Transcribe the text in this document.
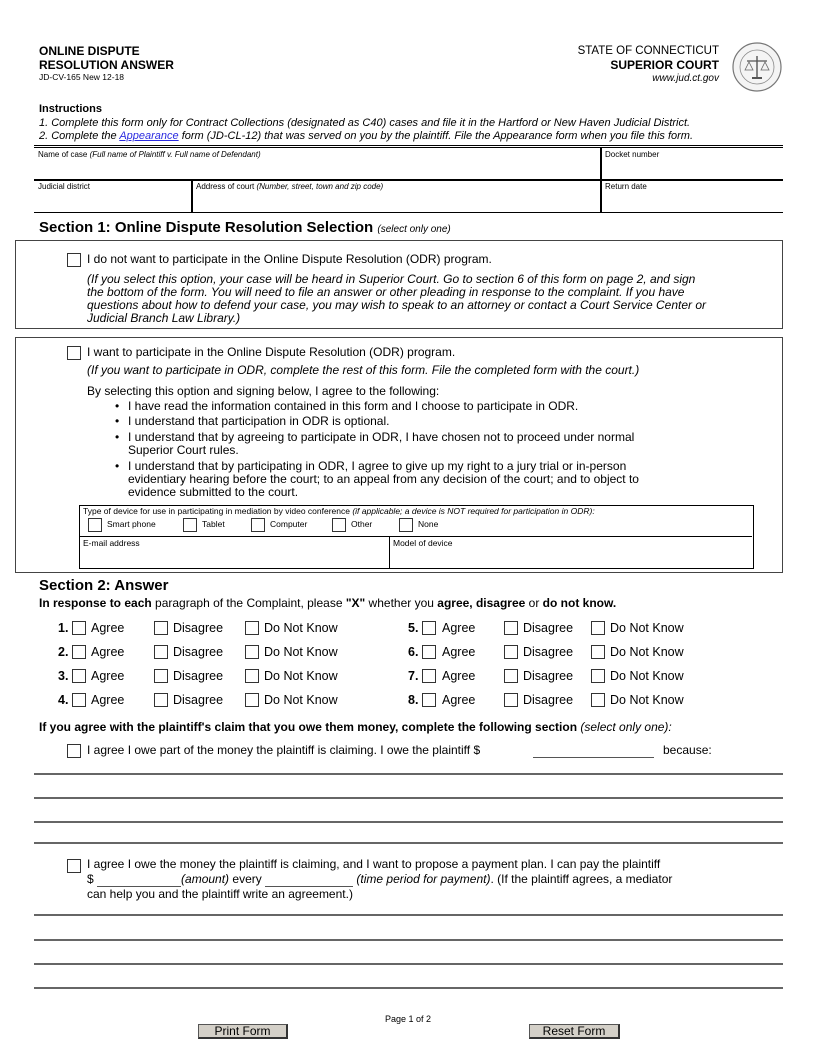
ONLINE DISPUTE
RESOLUTION ANSWER
JD-CV-165 New 12-18
STATE OF CONNECTICUT
SUPERIOR COURT
www.jud.ct.gov
Instructions
1. Complete this form only for Contract Collections (designated as C40) cases and file it in the Hartford or New Haven Judicial District.
2. Complete the Appearance form (JD-CL-12) that was served on you by the plaintiff. File the Appearance form when you file this form.
Name of case (Full name of Plaintiff v. Full name of Defendant)	Docket number
Judicial district	Address of court (Number, street, town and zip code)	Return date
Section 1: Online Dispute Resolution Selection (select only one)
I do not want to participate in the Online Dispute Resolution (ODR) program.
(If you select this option, your case will be heard in Superior Court. Go to section 6 of this form on page 2, and sign
the bottom of the form. You will need to file an answer or other pleading in response to the complaint. If you have
questions about how to defend your case, you may wish to speak to an attorney or contact a Court Service Center or
Judicial Branch Law Library.)
I want to participate in the Online Dispute Resolution (ODR) program.
(If you want to participate in ODR, complete the rest of this form. File the completed form with the court.)
By selecting this option and signing below, I agree to the following:
• I have read the information contained in this form and I choose to participate in ODR.
• I understand that participation in ODR is optional.
• I understand that by agreeing to participate in ODR, I have chosen not to proceed under normal
Superior Court rules.
• I understand that by participating in ODR, I agree to give up my right to a jury trial or in-person
evidentiary hearing before the court; to an appeal from any decision of the court; and to object to
evidence submitted to the court.
Type of device for use in participating in mediation by video conference (if applicable; a device is NOT required for participation in ODR):
Smart phone	Tablet	Computer	Other	None
E-mail address	Model of device
Section 2: Answer
In response to each paragraph of the Complaint, please "X" whether you agree, disagree or do not know.
1. Agree	Disagree	Do Not Know
2. Agree	Disagree	Do Not Know
3. Agree	Disagree	Do Not Know
4. Agree	Disagree	Do Not Know
5. Agree	Disagree	Do Not Know
6. Agree	Disagree	Do Not Know
7. Agree	Disagree	Do Not Know
8. Agree	Disagree	Do Not Know
If you agree with the plaintiff's claim that you owe them money, complete the following section (select only one):
I agree I owe part of the money the plaintiff is claiming. I owe the plaintiff $	because:
I agree I owe the money the plaintiff is claiming, and I want to propose a payment plan. I can pay the plaintiff
$	(amount) every	(time period for payment). (If the plaintiff agrees, a mediator
can help you and the plaintiff write an agreement.)
Page 1 of 2
Print Form	Reset Form
